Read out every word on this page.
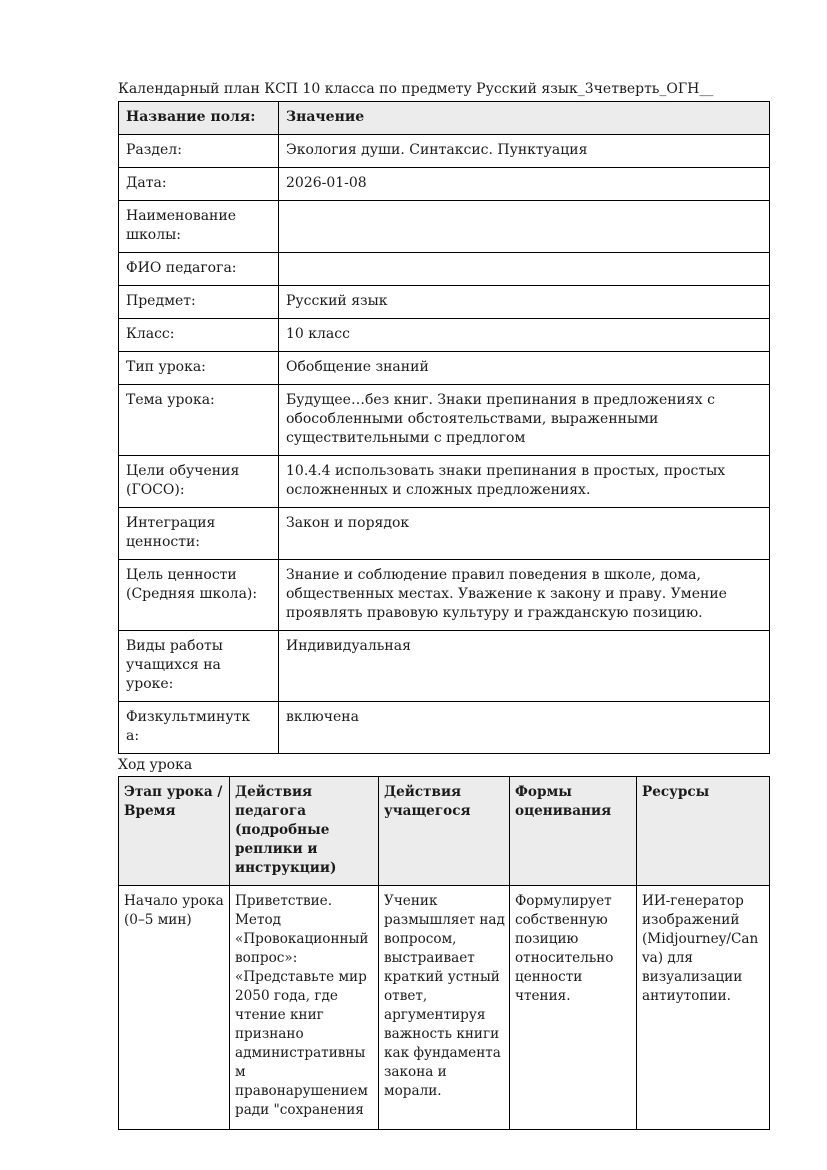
Календарный план КСП 10 класса по предмету Русский язык_3четверть_ОГН__

Название поля:	Значение
Раздел:	Экология души. Синтаксис. Пунктуация
Дата:	2026-01-08
Наименование школы:	
ФИО педагога:	
Предмет:	Русский язык
Класс:	10 класс
Тип урока:	Обобщение знаний
Тема урока:	Будущее…без книг. Знаки препинания в предложениях с обособленными обстоятельствами, выраженными существительными с предлогом
Цели обучения (ГОСО):	10.4.4 использовать знаки препинания в простых, простых осложненных и сложных предложениях.
Интеграция ценности:	Закон и порядок
Цель ценности (Средняя школа):	Знание и соблюдение правил поведения в школе, дома, общественных местах. Уважение к закону и праву. Умение проявлять правовую культуру и гражданскую позицию.
Виды работы учащихся на уроке:	Индивидуальная
Физкультминутка:	включена

Ход урока

Этап урока / Время	Действия педагога (подробные реплики и инструкции)	Действия учащегося	Формы оценивания	Ресурсы
Начало урока (0–5 мин)	Приветствие. Метод «Провокационный вопрос»: «Представьте мир 2050 года, где чтение книг признано административным правонарушением ради "сохранения	Ученик размышляет над вопросом, выстраивает краткий устный ответ, аргументируя важность книги как фундамента закона и морали.	Формулирует собственную позицию относительно ценности чтения.	ИИ-генератор изображений (Midjourney/Canva) для визуализации антиутопии.
